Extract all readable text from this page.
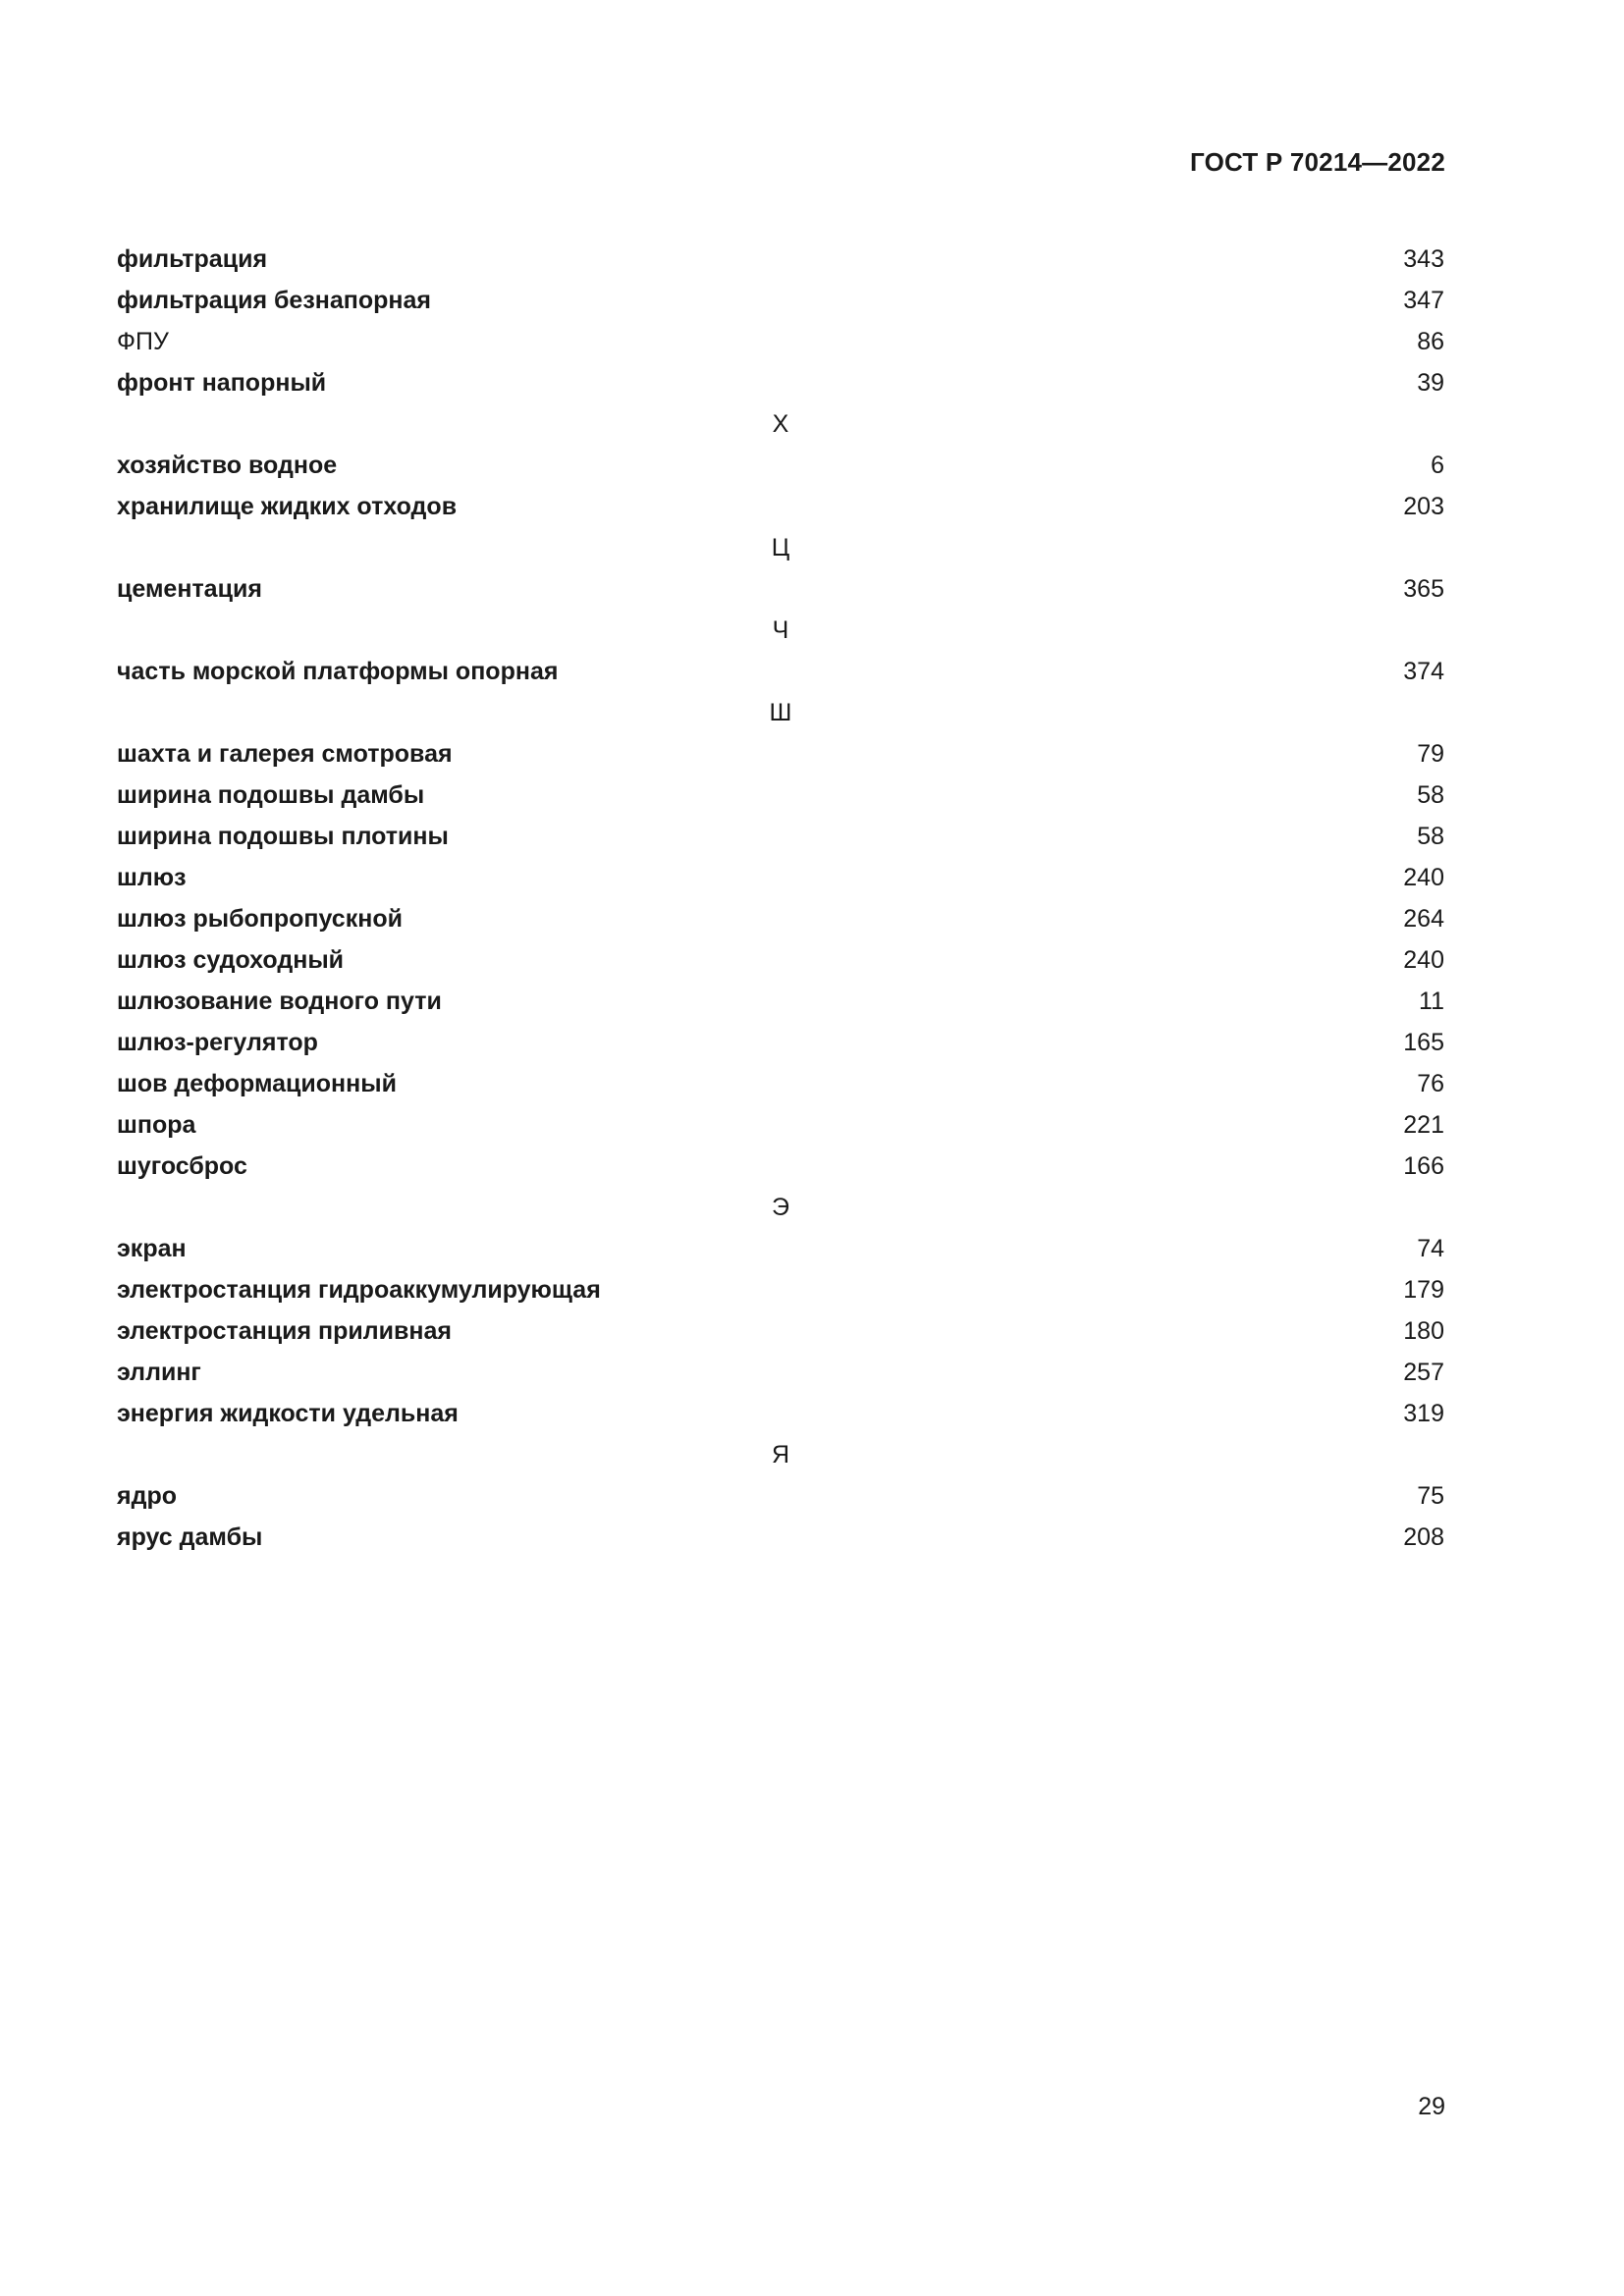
ГОСТ Р 70214—2022
фильтрация	343
фильтрация безнапорная	347
ФПУ	86
фронт напорный	39
Х
хозяйство водное	6
хранилище жидких отходов	203
Ц
цементация	365
Ч
часть морской платформы опорная	374
Ш
шахта и галерея смотровая	79
ширина подошвы дамбы	58
ширина подошвы плотины	58
шлюз	240
шлюз рыбопропускной	264
шлюз судоходный	240
шлюзование водного пути	11
шлюз-регулятор	165
шов деформационный	76
шпора	221
шугосброс	166
Э
экран	74
электростанция гидроаккумулирующая	179
электростанция приливная	180
эллинг	257
энергия жидкости удельная	319
Я
ядро	75
ярус дамбы	208
29
